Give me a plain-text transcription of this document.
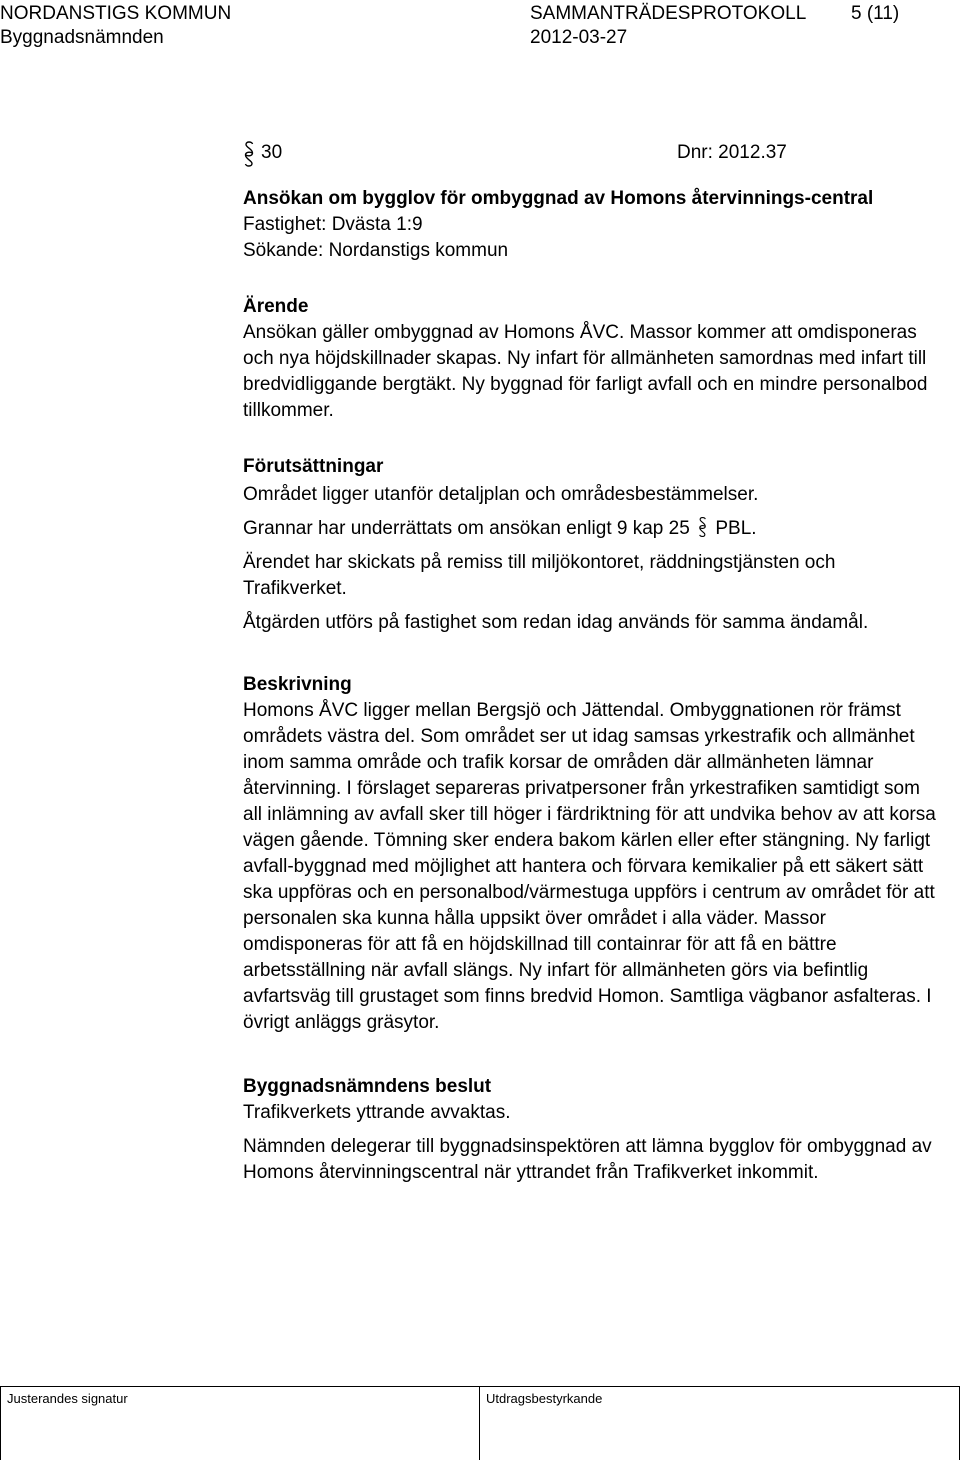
NORDANSTIGS KOMMUN
Byggnadsnämnden
SAMMANTRÄDESPROTOKOLL
2012-03-27
5 (11)
30	Dnr: 2012.37
Ansökan om bygglov för ombyggnad av Homons återvinnings-central
Fastighet: Dvästa 1:9
Sökande: Nordanstigs kommun
Ärende

Ansökan gäller ombyggnad av Homons ÅVC. Massor kommer att omdisponeras och nya höjdskillnader skapas. Ny infart för allmänheten samordnas med infart till bredvidliggande bergtäkt. Ny byggnad för farligt avfall och en mindre personalbod tillkommer.

Förutsättningar

Området ligger utanför detaljplan och områdesbestämmelser.

Grannar har underrättats om ansökan enligt 9 kap 25 PBL.

Ärendet har skickats på remiss till miljökontoret, räddningstjänsten och Trafikverket.

Åtgärden utförs på fastighet som redan idag används för samma ändamål.

Beskrivning

Homons ÅVC ligger mellan Bergsjö och Jättendal. Ombyggnationen rör främst områdets västra del. Som området ser ut idag samsas yrkestrafik och allmänhet inom samma område och trafik korsar de områden där allmänheten lämnar återvinning. I förslaget separeras privatpersoner från yrkestrafiken samtidigt som all inlämning av avfall sker till höger i färdriktning för att undvika behov av att korsa vägen gående. Tömning sker endera bakom kärlen eller efter stängning. Ny farligt avfall-byggnad med möjlighet att hantera och förvara kemikalier på ett säkert sätt ska uppföras och en personalbod/värmestuga uppförs i centrum av området för att personalen ska kunna hålla uppsikt över området i alla väder. Massor omdisponeras för att få en höjdskillnad till containrar för att få en bättre arbetsställning när avfall slängs. Ny infart för allmänheten görs via befintlig avfartsväg till grustaget som finns bredvid Homon. Samtliga vägbanor asfalteras. I övrigt anläggs gräsytor.

Byggnadsnämndens beslut

Trafikverkets yttrande avvaktas.

Nämnden delegerar till byggnadsinspektören att lämna bygglov för ombyggnad av Homons återvinningscentral när yttrandet från Trafikverket inkommit.

Justerandes signatur	Utdragsbestyrkande
